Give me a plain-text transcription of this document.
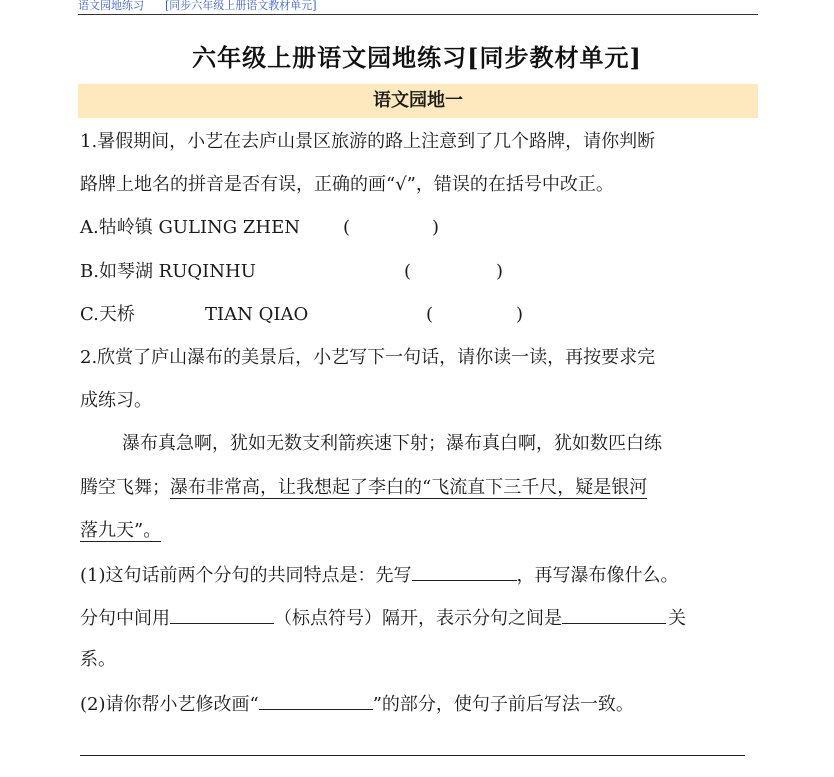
语文园地练习 [同步六年级上册语文教材单元]
六年级上册语文园地练习[同步教材单元]
语文园地一
1.暑假期间，小艺在去庐山景区旅游的路上注意到了几个路牌，请你判断
路牌上地名的拼音是否有误，正确的画“√”，错误的在括号中改正。
A.牯岭镇 GULING ZHEN (	)
B.如琴湖 RUQINHU	(	)
C.天桥	TIAN QIAO	(	)
2.欣赏了庐山瀑布的美景后，小艺写下一句话，请你读一读，再按要求完
成练习。
瀑布真急啊，犹如无数支利箭疾速下射；瀑布真白啊，犹如数匹白练
腾空飞舞；瀑布非常高，让我想起了李白的“飞流直下三千尺，疑是银河
落九天”。
(1)这句话前两个分句的共同特点是：先写	，再写瀑布像什么。
分句中间用	（标点符号）隔开，表示分句之间是	关
系。
(2)请你帮小艺修改画“	”的部分，使句子前后写法一致。
